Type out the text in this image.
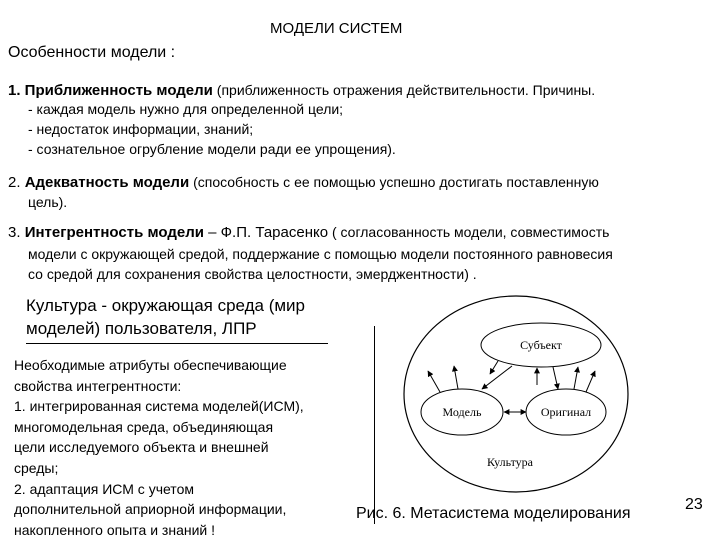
МОДЕЛИ СИСТЕМ
Особенности модели :
1. Приближенность модели (приближенность отражения действительности. Причины.
- каждая модель нужно для определенной цели;
- недостаток информации, знаний;
- сознательное огрубление модели ради ее упрощения).
2. Адекватность модели (способность с ее помощью успешно достигать поставленную
цель).
3. Интегрентность модели – Ф.П. Тарасенко ( согласованность модели, совместимость
модели с окружающей средой, поддержание с помощью модели постоянного равновесия
со средой для сохранения свойства целостности, эмерджентности) .
Культура - окружающая среда (мир моделей) пользователя, ЛПР
Необходимые атрибуты обеспечивающие
свойства интегрентности:
1. интегрированная система моделей(ИСМ),
многомодельная среда, объединяющая
цели исследуемого объекта и внешней
среды;
2. адаптация ИСМ с учетом
дополнительной априорной информации,
накопленного опыта и знаний !
Субъект
Модель	Оригинал
Культура
Рис. 6. Метасистема моделирования
23
